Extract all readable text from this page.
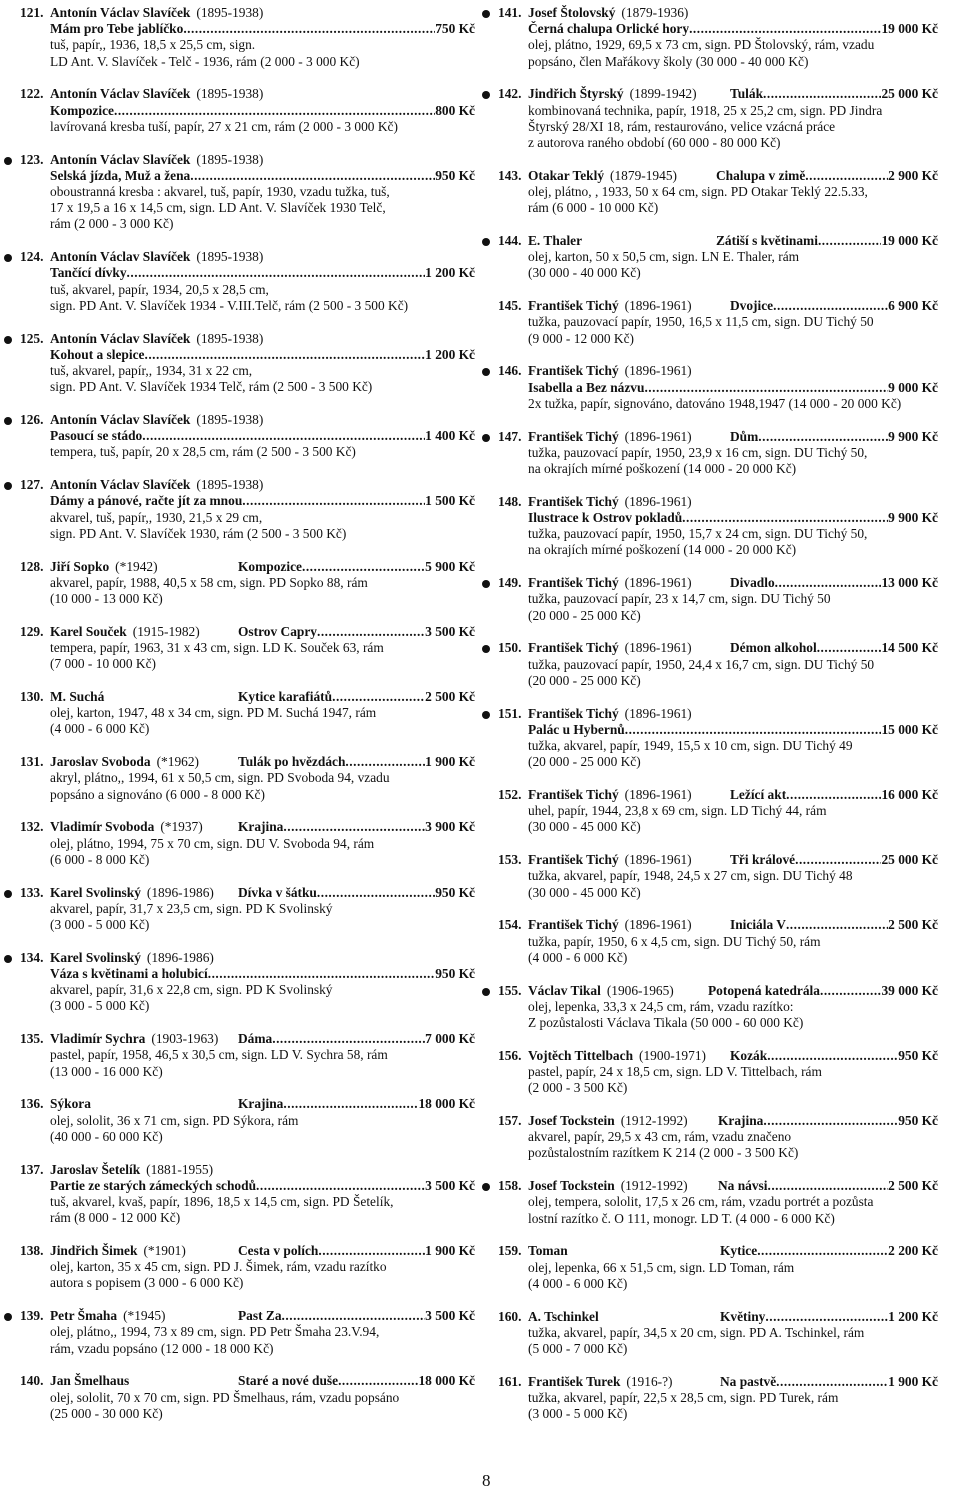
121. Antonín Václav Slavíček (1895-1938)
Mám pro Tebe jablíčko .....	750 Kč
tuš, papír,, 1936, 18,5 x 25,5 cm, sign.
LD Ant. V. Slavíček - Telč - 1936, rám (2 000 - 3 000 Kč)
122. Antonín Václav Slavíček (1895-1938)
Kompozice .....	800 Kč
lavírovaná kresba tuší, papír, 27 x 21 cm, rám (2 000 - 3 000 Kč)
123. Antonín Václav Slavíček (1895-1938)
Selská jízda, Muž a žena .....	950 Kč
oboustranná kresba : akvarel, tuš, papír, 1930, vzadu tužka, tuš,
17 x 19,5 a 16 x 14,5 cm, sign. LD Ant. V. Slavíček 1930 Telč,
rám (2 000 - 3 000 Kč)
124. Antonín Václav Slavíček (1895-1938)
Tančící dívky .....	1 200 Kč
tuš, akvarel, papír, 1934, 20,5 x 28,5 cm,
sign. PD Ant. V. Slavíček 1934 - V.III.Telč, rám (2 500 - 3 500 Kč)
125. Antonín Václav Slavíček (1895-1938)
Kohout a slepice .....	1 200 Kč
tuš, akvarel, papír,, 1934, 31 x 22 cm,
sign. PD Ant. V. Slavíček 1934 Telč, rám (2 500 - 3 500 Kč)
126. Antonín Václav Slavíček (1895-1938)
Pasoucí se stádo .....	1 400 Kč
tempera, tuš, papír, 20 x 28,5 cm, rám (2 500 - 3 500 Kč)
127. Antonín Václav Slavíček (1895-1938)
Dámy a pánové, račte jít za mnou .....	1 500 Kč
akvarel, tuš, papír,, 1930, 21,5 x 29 cm,
sign. PD Ant. V. Slavíček 1930, rám (2 500 - 3 500 Kč)
128. Jiří Sopko (*1942)	Kompozice .....	5 900 Kč
akvarel, papír, 1988, 40,5 x 58 cm, sign. PD Sopko 88, rám
(10 000 - 13 000 Kč)
129. Karel Souček (1915-1982)	Ostrov Capry .....	3 500 Kč
tempera, papír, 1963, 31 x 43 cm, sign. LD K. Souček 63, rám
(7 000 - 10 000 Kč)
130. M. Suchá	Kytice karafiátů .....	2 500 Kč
olej, karton, 1947, 48 x 34 cm, sign. PD M. Suchá 1947, rám
(4 000 - 6 000 Kč)
131. Jaroslav Svoboda (*1962)	Tulák po hvězdách .....	1 900 Kč
akryl, plátno,, 1994, 61 x 50,5 cm, sign. PD Svoboda 94, vzadu
popsáno a signováno (6 000 - 8 000 Kč)
132. Vladimír Svoboda (*1937)	Krajina .....	3 900 Kč
olej, plátno, 1994, 75 x 70 cm, sign. DU V. Svoboda 94, rám
(6 000 - 8 000 Kč)
133. Karel Svolinský (1896-1986)	Dívka v šátku .....	950 Kč
akvarel, papír, 31,7 x 23,5 cm, sign. PD K Svolinský
(3 000 - 5 000 Kč)
134. Karel Svolinský (1896-1986)
Váza s květinami a holubicí .....	950 Kč
akvarel, papír, 31,6 x 22,8 cm, sign. PD K Svolinský
(3 000 - 5 000 Kč)
135. Vladimír Sychra (1903-1963)	Dáma .....	7 000 Kč
pastel, papír, 1958, 46,5 x 30,5 cm, sign. LD V. Sychra 58, rám
(13 000 - 16 000 Kč)
136. Sýkora	Krajina .....	18 000 Kč
olej, sololit, 36 x 71 cm, sign. PD Sýkora, rám
(40 000 - 60 000 Kč)
137. Jaroslav Šetelík (1881-1955)
Partie ze starých zámeckých schodů .....	3 500 Kč
tuš, akvarel, kvaš, papír, 1896, 18,5 x 14,5 cm, sign. PD Šetelík,
rám (8 000 - 12 000 Kč)
138. Jindřich Šimek (*1901)	Cesta v polích .....	1 900 Kč
olej, karton, 35 x 45 cm, sign. PD J. Šimek, rám, vzadu razítko
autora s popisem (3 000 - 6 000 Kč)
139. Petr Šmaha (*1945)	Past Za .....	3 500 Kč
olej, plátno,, 1994, 73 x 89 cm, sign. PD Petr Šmaha 23.V.94,
rám, vzadu popsáno (12 000 - 18 000 Kč)
140. Jan Šmelhaus	Staré a nové duše .....	18 000 Kč
olej, sololit, 70 x 70 cm, sign. PD Šmelhaus, rám, vzadu popsáno
(25 000 - 30 000 Kč)
141. Josef Štolovský (1879-1936)
Černá chalupa Orlické hory .....	19 000 Kč
olej, plátno, 1929, 69,5 x 73 cm, sign. PD Štolovský, rám, vzadu
popsáno, člen Mařákovy školy (30 000 - 40 000 Kč)
142. Jindřich Štyrský (1899-1942)	Tulák .....	25 000 Kč
kombinovaná technika, papír, 1918, 25 x 25,2 cm, sign. PD Jindra
Štyrský 28/XI 18, rám, restaurováno, velice vzácná práce
z autorova raného období (60 000 - 80 000 Kč)
143. Otakar Teklý (1879-1945)	Chalupa v zimě .....	2 900 Kč
olej, plátno, , 1933, 50 x 64 cm, sign. PD Otakar Teklý 22.5.33,
rám (6 000 - 10 000 Kč)
144. E. Thaler	Zátiší s květinami .....	19 000 Kč
olej, karton, 50 x 50,5 cm, sign. LN E. Thaler, rám
(30 000 - 40 000 Kč)
145. František Tichý (1896-1961)	Dvojice .....	6 900 Kč
tužka, pauzovací papír, 1950, 16,5 x 11,5 cm, sign. DU Tichý 50
(9 000 - 12 000 Kč)
146. František Tichý (1896-1961)
Isabella a Bez názvu .....	9 000 Kč
2x tužka, papír, signováno, datováno 1948,1947 (14 000 - 20 000 Kč)
147. František Tichý (1896-1961)	Dům .....	9 900 Kč
tužka, pauzovací papír, 1950, 23,9 x 16 cm, sign. DU Tichý 50,
na okrajích mírné poškození (14 000 - 20 000 Kč)
148. František Tichý (1896-1961)
Ilustrace k Ostrov pokladů .....	9 900 Kč
tužka, pauzovací papír, 1950, 15,7 x 24 cm, sign. DU Tichý 50,
na okrajích mírné poškození (14 000 - 20 000 Kč)
149. František Tichý (1896-1961)	Divadlo .....	13 000 Kč
tužka, pauzovací papír, 23 x 14,7 cm, sign. DU Tichý 50
(20 000 - 25 000 Kč)
150. František Tichý (1896-1961)	Démon alkohol .....	14 500 Kč
tužka, pauzovací papír, 1950, 24,4 x 16,7 cm, sign. DU Tichý 50
(20 000 - 25 000 Kč)
151. František Tichý (1896-1961)
Palác u Hybernů .....	15 000 Kč
tužka, akvarel, papír, 1949, 15,5 x 10 cm, sign. DU Tichý 49
(20 000 - 25 000 Kč)
152. František Tichý (1896-1961)	Ležící akt .....	16 000 Kč
uhel, papír, 1944, 23,8 x 69 cm, sign. LD Tichý 44, rám
(30 000 - 45 000 Kč)
153. František Tichý (1896-1961)	Tři králové .....	25 000 Kč
tužka, akvarel, papír, 1948, 24,5 x 27 cm, sign. DU Tichý 48
(30 000 - 45 000 Kč)
154. František Tichý (1896-1961)	Iniciála V .....	2 500 Kč
tužka, papír, 1950, 6 x 4,5 cm, sign. DU Tichý 50, rám
(4 000 - 6 000 Kč)
155. Václav Tikal (1906-1965)	Potopená katedrála .....	39 000 Kč
olej, lepenka, 33,3 x 24,5 cm, rám, vzadu razítko:
Z pozůstalosti Václava Tikala (50 000 - 60 000 Kč)
156. Vojtěch Tittelbach (1900-1971)	Kozák .....	950 Kč
pastel, papír, 24 x 18,5 cm, sign. LD V. Tittelbach, rám
(2 000 - 3 500 Kč)
157. Josef Tockstein (1912-1992)	Krajina .....	950 Kč
akvarel, papír, 29,5 x 43 cm, rám, vzadu značeno
pozůstalostním razítkem K 214 (2 000 - 3 500 Kč)
158. Josef Tockstein (1912-1992)	Na návsi .....	2 500 Kč
olej, tempera, sololit, 17,5 x 26 cm, rám, vzadu portrét a pozůsta
lostní razítko č. O 111, monogr. LD T. (4 000 - 6 000 Kč)
159. Toman	Kytice .....	2 200 Kč
olej, lepenka, 66 x 51,5 cm, sign. LD Toman, rám
(4 000 - 6 000 Kč)
160. A. Tschinkel	Květiny .....	1 200 Kč
tužka, akvarel, papír, 34,5 x 20 cm, sign. PD A. Tschinkel, rám
(5 000 - 7 000 Kč)
161. František Turek (1916-?)	Na pastvě .....	1 900 Kč
tužka, akvarel, papír, 22,5 x 28,5 cm, sign. PD Turek, rám
(3 000 - 5 000 Kč)
8
